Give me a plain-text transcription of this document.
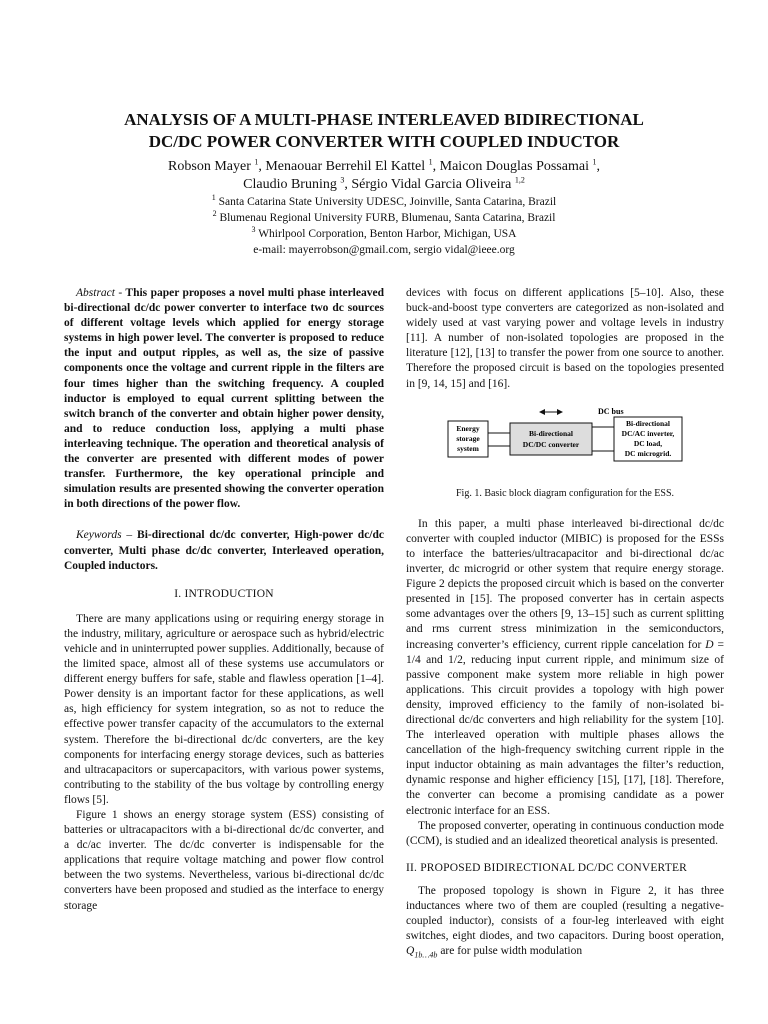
ANALYSIS OF A MULTI-PHASE INTERLEAVED BIDIRECTIONAL
DC/DC POWER CONVERTER WITH COUPLED INDUCTOR
Robson Mayer $^1$, Menaouar Berrehil El Kattel $^1$, Maicon Douglas Possamai $^1$,
Claudio Bruning $^3$, Sérgio Vidal Garcia Oliveira $^{1,2}$
$^1$ Santa Catarina State University UDESC, Joinville, Santa Catarina, Brazil
$^2$ Blumenau Regional University FURB, Blumenau, Santa Catarina, Brazil
$^3$ Whirlpool Corporation, Benton Harbor, Michigan, USA
e-mail: mayerrobson@gmail.com, sergio vidal@ieee.org

Abstract - This paper proposes a novel multi phase interleaved bi-directional dc/dc power converter to interface two dc sources of different voltage levels which applied for energy storage systems in high power level. The converter is proposed to reduce the input and output ripples, as well as, the size of passive components once the voltage and current ripple in the filters are four times higher than the switching frequency. A coupled inductor is employed to equal current splitting between the switch branch of the converter and obtain higher power density, and to reduce conduction loss, applying a multi phase interleaving technique. The operation and theoretical analysis of the converter are presented with different modes of power transfer. Furthermore, the key operational principle and simulation results are presented showing the converter operation in both directions of the power flow.

Keywords – Bi-directional dc/dc converter, High-power dc/dc converter, Multi phase dc/dc converter, Interleaved operation, Coupled inductors.

I. INTRODUCTION

There are many applications using or requiring energy storage in the industry, military, agriculture or aerospace such as hybrid/electric vehicle and in uninterrupted power supplies. Additionally, because of the limited space, almost all of these systems use accumulators or different energy buffers for safe, stable and flawless operation [1–4]. Power density is an important factor for these applications, as well as, high efficiency for system integration, so as not to reduce the effective power transfer capacity of the accumulators to the external system. Therefore the bi-directional dc/dc converters, are the key components for interfacing energy storage devices, such as batteries and ultracapacitors or supercapacitors, with various power systems, contributing to the stability of the bus voltage by controlling energy flows [5].

Figure 1 shows an energy storage system (ESS) consisting of batteries or ultracapacitors with a bi-directional dc/dc converter, and a dc/ac inverter. The dc/dc converter is indispensable for the applications that require voltage matching and power flow control between the two systems. Nevertheless, various bi-directional dc/dc converters have been proposed and studied as the interface to energy storage

devices with focus on different applications [5–10]. Also, these buck-and-boost type converters are categorized as non-isolated and widely used at vast varying power and voltage levels in industry [11]. A number of non-isolated topologies are proposed in the literature [12], [13] to transfer the power from one source to another. Therefore the proposed circuit is based on the topologies presented in [9, 14, 15] and [16].

DC bus
Energy
storage
system
Bi-directional
DC/DC converter
Bi-directional
DC/AC inverter,
DC load,
DC microgrid.

Fig. 1. Basic block diagram configuration for the ESS.

In this paper, a multi phase interleaved bi-directional dc/dc converter with coupled inductor (MIBIC) is proposed for the ESSs to interface the batteries/ultracapacitor and bi-directional dc/ac inverter, dc microgrid or other system that require energy storage. Figure 2 depicts the proposed circuit which is based on the converter presented in [15]. The proposed converter has in certain aspects some advantages over the others [9, 13–15] such as current splitting and rms current stress minimization in the semiconductors, increasing converter’s efficiency, current ripple cancelation for D = 1/4 and 1/2, reducing input current ripple, and minimum size of passive component make system more reliable in high power applications. This circuit provides a topology with high power density, improved efficiency to the family of non-isolated bi-directional dc/dc converters and high reliability for the system [10]. The interleaved operation with multiple phases allows the cancellation of the high-frequency switching current ripple in the input inductor obtaining as main advantages the filter’s reduction, dynamic response and higher efficiency [15], [17], [18]. Therefore, the converter can become a promising candidate as a power electronic interface for an ESS.

The proposed converter, operating in continuous conduction mode (CCM), is studied and an idealized theoretical analysis is presented.

II. PROPOSED BIDIRECTIONAL DC/DC CONVERTER

The proposed topology is shown in Figure 2, it has three inductances where two of them are coupled (resulting a negative-coupled inductor), consists of a four-leg interleaved with eight switches, eight diodes, and two capacitors. During boost operation, $Q_{1b\dots 4b}$ are for pulse width modulation
